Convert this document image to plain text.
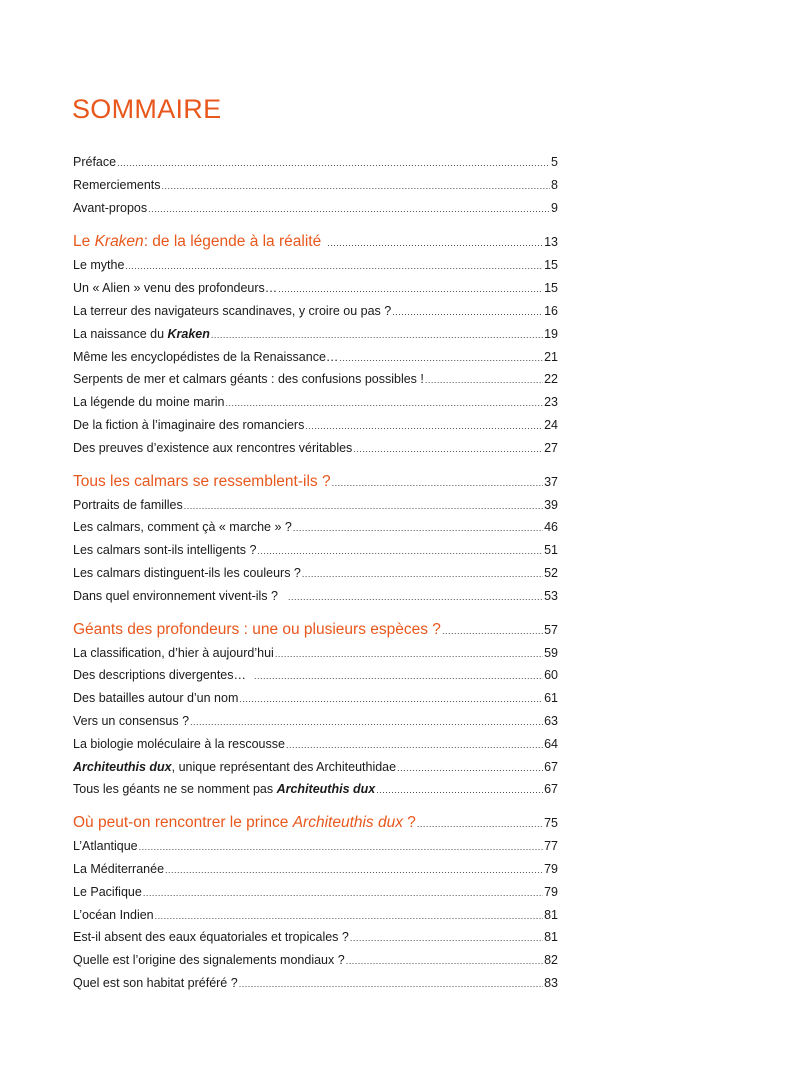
SOMMAIRE
Préface .....	5
Remerciements .....	8
Avant-propos .....	9
Le Kraken: de la légende à la réalité .....	13
Le mythe .....	15
Un « Alien » venu des profondeurs… .....	15
La terreur des navigateurs scandinaves, y croire ou pas ? .....	16
La naissance du Kraken .....	19
Même les encyclopédistes de la Renaissance… .....	21
Serpents de mer et calmars géants : des confusions possibles ! .....	22
La légende du moine marin .....	23
De la fiction à l’imaginaire des romanciers .....	24
Des preuves d’existence aux rencontres véritables .....	27
Tous les calmars se ressemblent-ils ? .....	37
Portraits de familles .....	39
Les calmars, comment çà « marche » ? .....	46
Les calmars sont-ils intelligents ? .....	51
Les calmars distinguent-ils les couleurs ? .....	52
Dans quel environnement vivent-ils ? .....	53
Géants des profondeurs : une ou plusieurs espèces ? .....	57
La classification, d’hier à aujourd’hui .....	59
Des descriptions divergentes… .....	60
Des batailles autour d’un nom .....	61
Vers un consensus ? .....	63
La biologie moléculaire à la rescousse .....	64
Architeuthis dux, unique représentant des Architeuthidae .....	67
Tous les géants ne se nomment pas Architeuthis dux .....	67
Où peut-on rencontrer le prince Architeuthis dux ? .....	75
L’Atlantique .....	77
La Méditerranée .....	79
Le Pacifique .....	79
L’océan Indien .....	81
Est-il absent des eaux équatoriales et tropicales ? .....	81
Quelle est l’origine des signalements mondiaux ? .....	82
Quel est son habitat préféré ? .....	83
